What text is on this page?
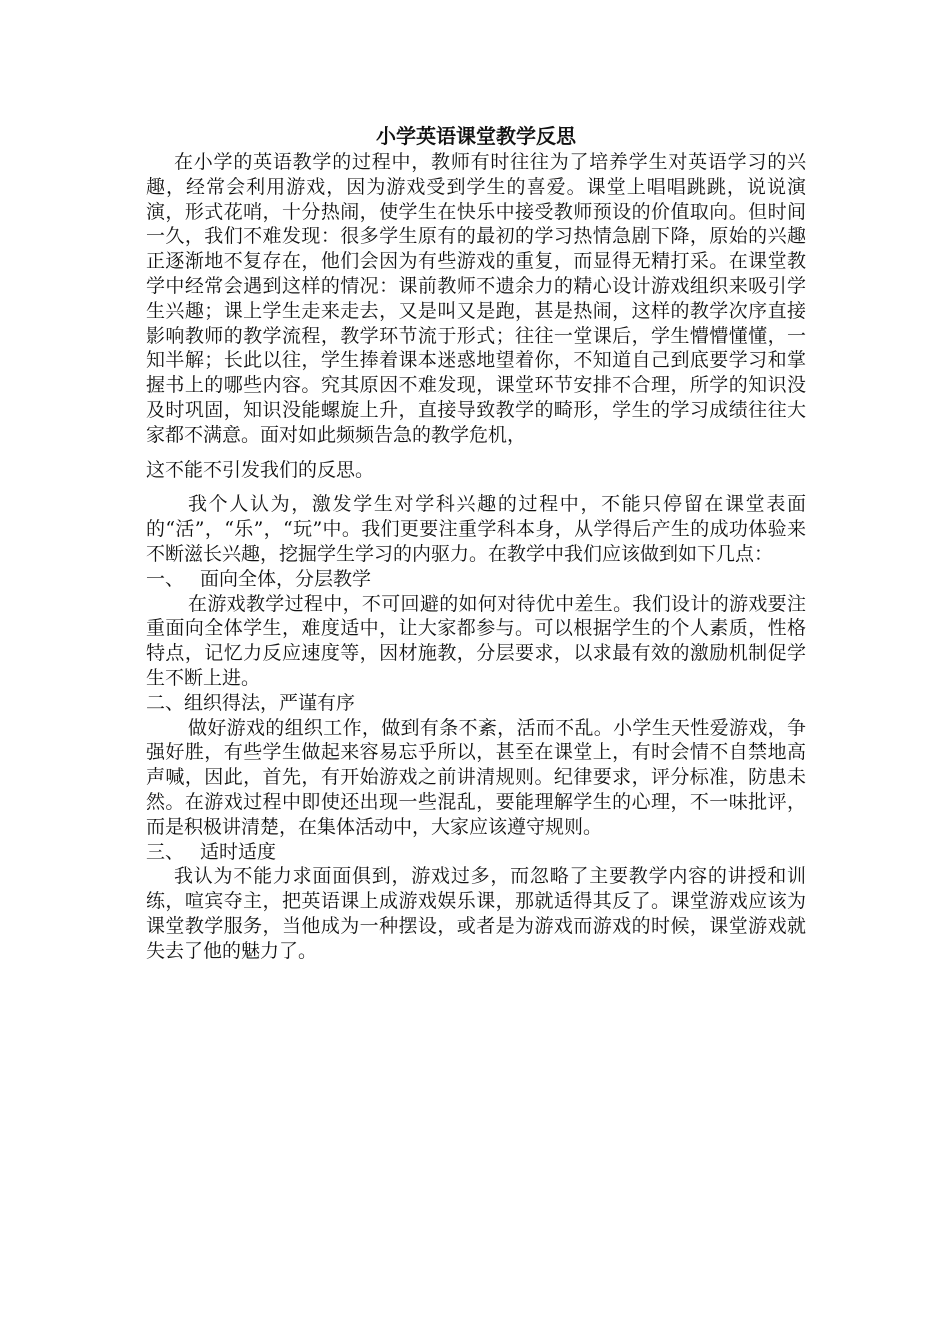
小学英语课堂教学反思

在小学的英语教学的过程中，教师有时往往为了培养学生对英语学习的兴趣，经常会利用游戏，因为游戏受到学生的喜爱。课堂上唱唱跳跳，说说演演，形式花哨，十分热闹，使学生在快乐中接受教师预设的价值取向。但时间一久，我们不难发现：很多学生原有的最初的学习热情急剧下降，原始的兴趣正逐渐地不复存在，他们会因为有些游戏的重复，而显得无精打采。在课堂教学中经常会遇到这样的情况：课前教师不遗余力的精心设计游戏组织来吸引学生兴趣；课上学生走来走去，又是叫又是跑，甚是热闹，这样的教学次序直接影响教师的教学流程，教学环节流于形式；往往一堂课后，学生懵懵懂懂，一知半解；长此以往，学生捧着课本迷惑地望着你，不知道自己到底要学习和掌握书上的哪些内容。究其原因不难发现，课堂环节安排不合理，所学的知识没及时巩固，知识没能螺旋上升，直接导致教学的畸形，学生的学习成绩往往大家都不满意。面对如此频频告急的教学危机，

这不能不引发我们的反思。

我个人认为，激发学生对学科兴趣的过程中，不能只停留在课堂表面的“活”，“乐”，“玩”中。我们更要注重学科本身，从学得后产生的成功体验来不断滋长兴趣，挖掘学生学习的内驱力。在教学中我们应该做到如下几点：

一、 面向全体，分层教学

在游戏教学过程中，不可回避的如何对待优中差生。我们设计的游戏要注重面向全体学生，难度适中，让大家都参与。可以根据学生的个人素质，性格特点，记忆力反应速度等，因材施教，分层要求，以求最有效的激励机制促学生不断上进。

二、组织得法，严谨有序

做好游戏的组织工作，做到有条不紊，活而不乱。小学生天性爱游戏，争强好胜，有些学生做起来容易忘乎所以，甚至在课堂上，有时会情不自禁地高声喊，因此，首先，有开始游戏之前讲清规则。纪律要求，评分标准，防患未然。在游戏过程中即使还出现一些混乱，要能理解学生的心理，不一味批评，而是积极讲清楚，在集体活动中，大家应该遵守规则。

三、 适时适度

我认为不能力求面面俱到，游戏过多，而忽略了主要教学内容的讲授和训练，喧宾夺主，把英语课上成游戏娱乐课，那就适得其反了。课堂游戏应该为课堂教学服务，当他成为一种摆设，或者是为游戏而游戏的时候，课堂游戏就失去了他的魅力了。
